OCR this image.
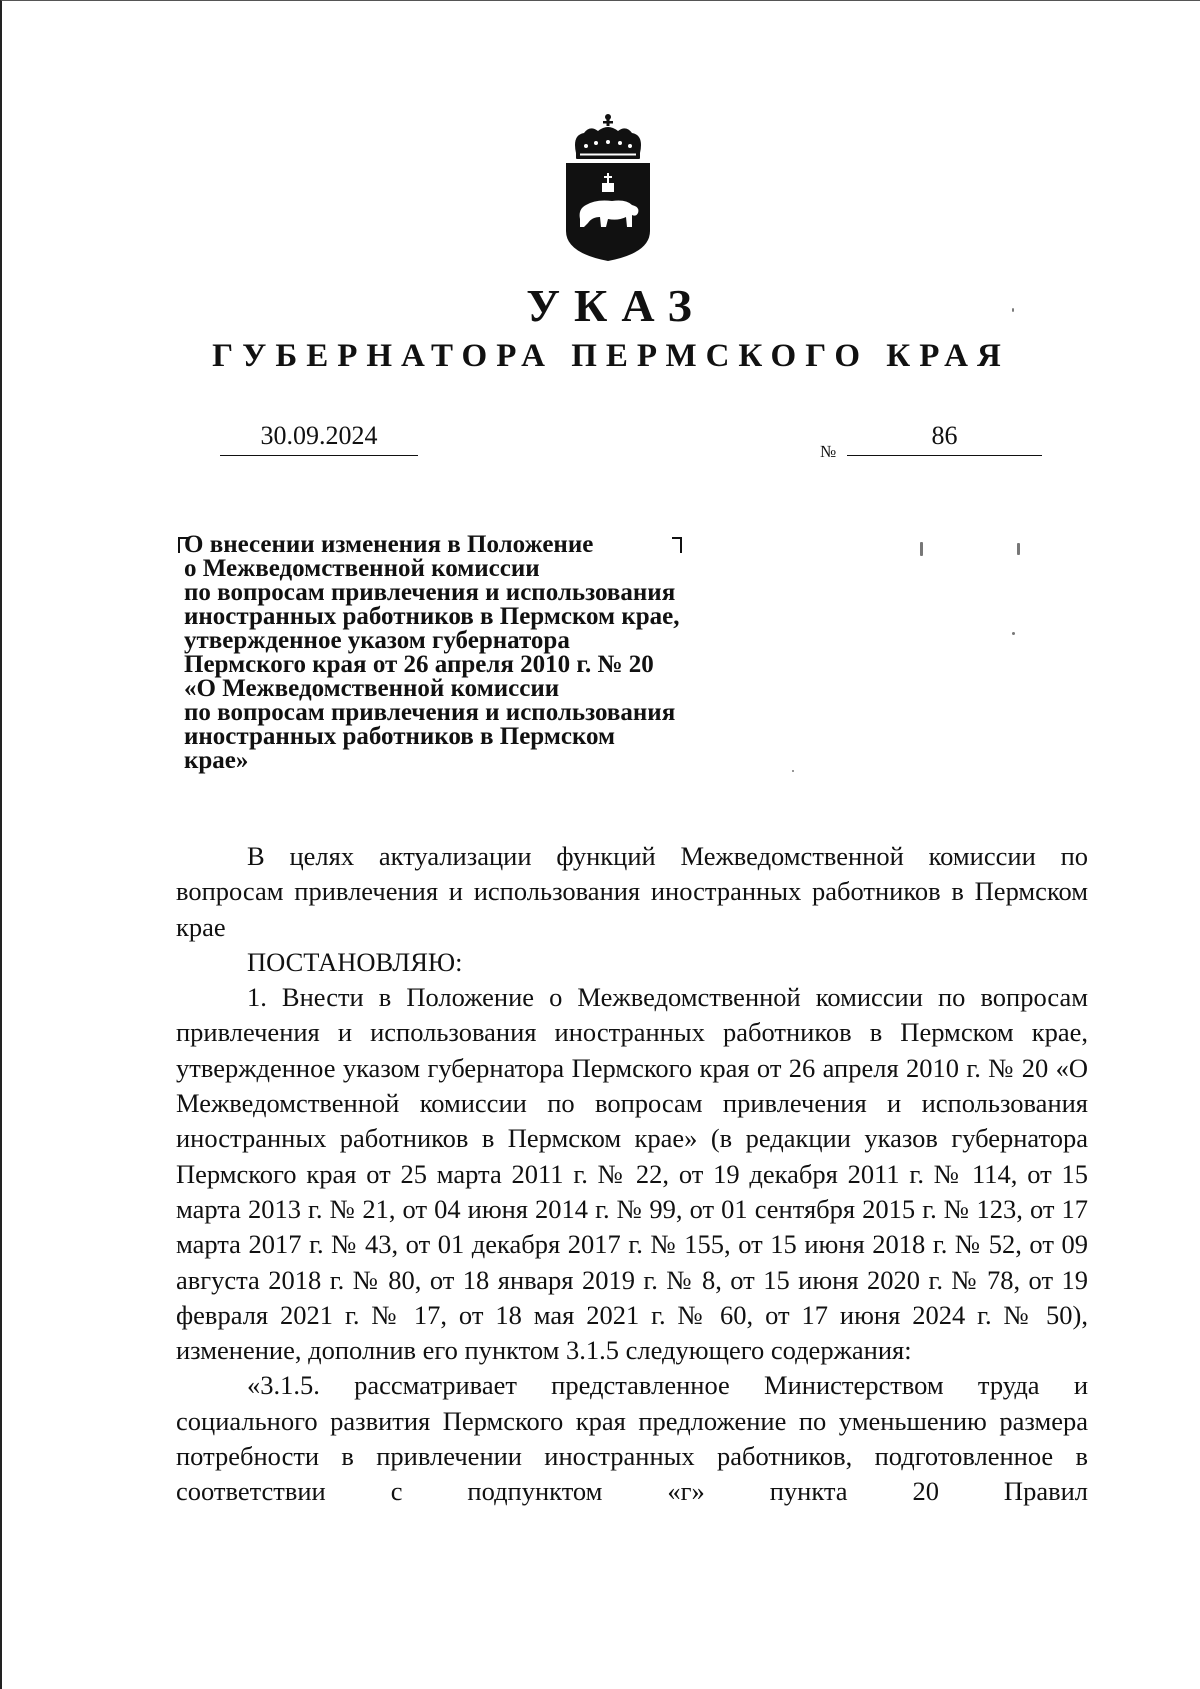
УКАЗ
ГУБЕРНАТОРА ПЕРМСКОГО КРАЯ
30.09.2024
№
86
О внесении изменения в Положение
о Межведомственной комиссии
по вопросам привлечения и использования
иностранных работников в Пермском крае,
утвержденное указом губернатора
Пермского края от 26 апреля 2010 г. № 20
«О Межведомственной комиссии
по вопросам привлечения и использования
иностранных работников в Пермском
крае»

В целях актуализации функций Межведомственной комиссии по вопросам привлечения и использования иностранных работников в Пермском крае

ПОСТАНОВЛЯЮ:

1. Внести в Положение о Межведомственной комиссии по вопросам привлечения и использования иностранных работников в Пермском крае, утвержденное указом губернатора Пермского края от 26 апреля 2010 г. № 20 «О Межведомственной комиссии по вопросам привлечения и использования иностранных работников в Пермском крае» (в редакции указов губернатора Пермского края от 25 марта 2011 г. № 22, от 19 декабря 2011 г. № 114, от 15 марта 2013 г. № 21, от 04 июня 2014 г. № 99, от 01 сентября 2015 г. № 123, от 17 марта 2017 г. № 43, от 01 декабря 2017 г. № 155, от 15 июня 2018 г. № 52, от 09 августа 2018 г. № 80, от 18 января 2019 г. № 8, от 15 июня 2020 г. № 78, от 19 февраля 2021 г. № 17, от 18 мая 2021 г. № 60, от 17 июня 2024 г. № 50), изменение, дополнив его пунктом 3.1.5 следующего содержания:

«3.1.5. рассматривает представленное Министерством труда и социального развития Пермского края предложение по уменьшению размера потребности в привлечении иностранных работников, подготовленное в соответствии с подпунктом «г» пункта 20 Правил
